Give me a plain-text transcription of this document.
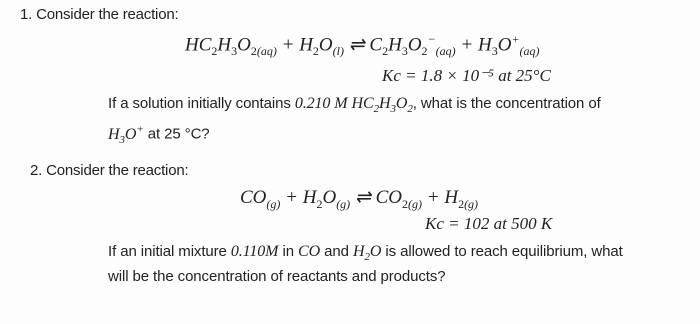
1. Consider the reaction:
$HC_2H_3O_{2(aq)} + H_2O_{(l)}$ ⇌ $C_2H_3O_2^-_{(aq)} + H_3O^+_{(aq)}$
Kc = 1.8 × 10⁻⁵ at 25°C
If a solution initially contains 0.210 M $HC_2H_3O_2$, what is the concentration of
$H_3O^+$ at 25 °C?
2. Consider the reaction:
$CO_{(g)} + H_2O_{(g)}$ ⇌ $CO_{2(g)} + H_{2(g)}$
Kc = 102 at 500 K
If an initial mixture 0.110M in CO and $H_2O$ is allowed to reach equilibrium, what
will be the concentration of reactants and products?
